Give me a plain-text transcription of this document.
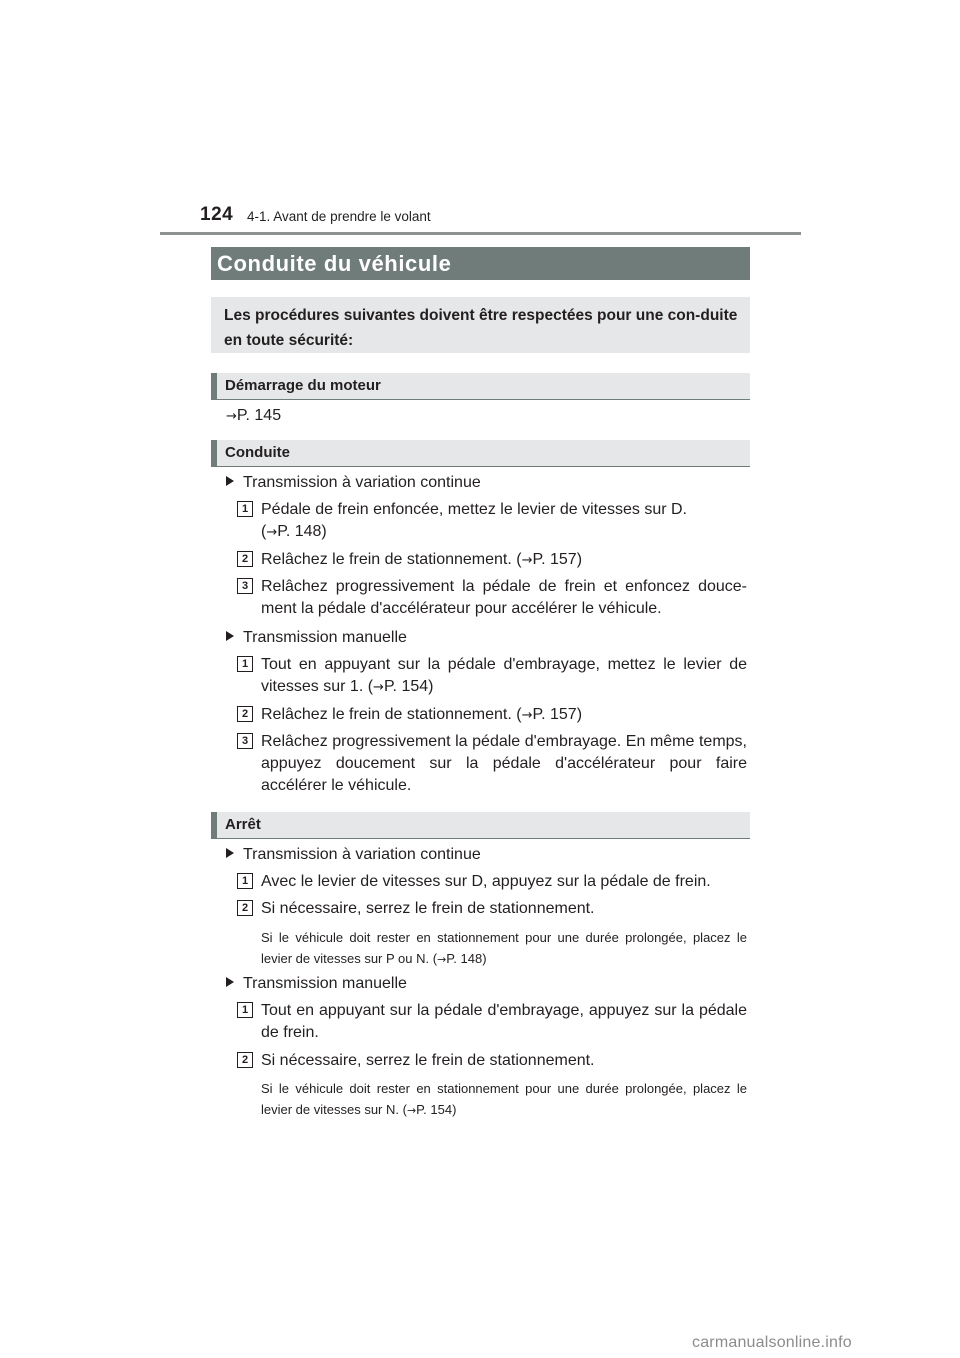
124 4-1. Avant de prendre le volant
Conduite du véhicule

Les procédures suivantes doivent être respectées pour une con-duite en toute sécurité:

Démarrage du moteur
→P. 145
Conduite
Transmission à variation continue
1 Pédale de frein enfoncée, mettez le levier de vitesses sur D.
(→P. 148)
2 Relâchez le frein de stationnement. (→P. 157)
3 Relâchez progressivement la pédale de frein et enfoncez douce-ment la pédale d'accélérateur pour accélérer le véhicule.
Transmission manuelle
1 Tout en appuyant sur la pédale d'embrayage, mettez le levier de vitesses sur 1. (→P. 154)
2 Relâchez le frein de stationnement. (→P. 157)
3 Relâchez progressivement la pédale d'embrayage. En même temps, appuyez doucement sur la pédale d'accélérateur pour faire accélérer le véhicule.
Arrêt
Transmission à variation continue
1 Avec le levier de vitesses sur D, appuyez sur la pédale de frein.
2 Si nécessaire, serrez le frein de stationnement.
Si le véhicule doit rester en stationnement pour une durée prolongée, placez le levier de vitesses sur P ou N. (→P. 148)
Transmission manuelle
1 Tout en appuyant sur la pédale d'embrayage, appuyez sur la pédale de frein.
2 Si nécessaire, serrez le frein de stationnement.
Si le véhicule doit rester en stationnement pour une durée prolongée, placez le levier de vitesses sur N. (→P. 154)
carmanualsonline.info
